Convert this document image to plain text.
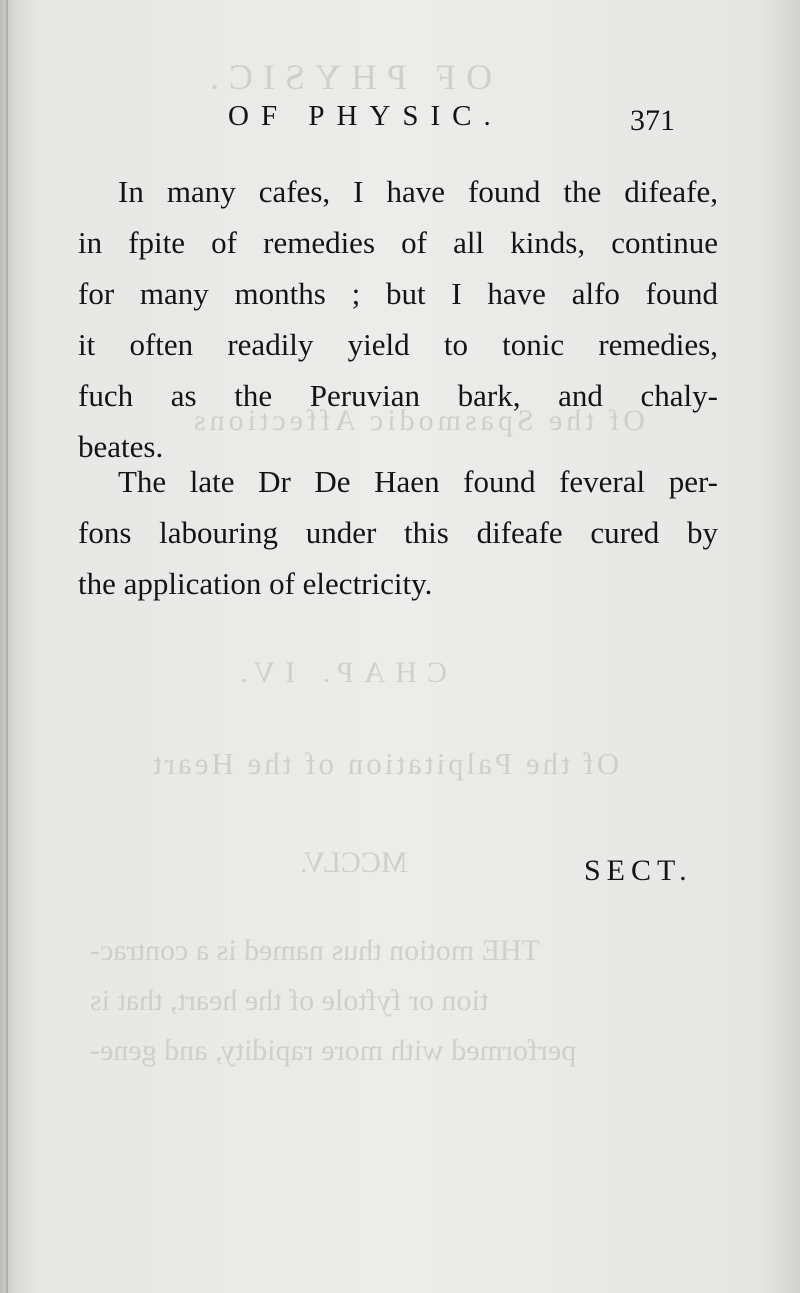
OF PHYSIC.
Of the Spasmodic Affections
CHAP. IV.
Of the Palpitation of the Heart
MCCLV.
THE motion thus named is a contrac-
tion or fyftole of the heart, that is
performed with more rapidity, and gene-
OF PHYSIC.	371
In many cafes, I have found the difeafe,
in fpite of remedies of all kinds, continue
for many months ; but I have alfo found
it often readily yield to tonic remedies,
fuch as the Peruvian bark, and chaly-
beates.
The late Dr De Haen found feveral per-
fons labouring under this difeafe cured by
the application of electricity.
SECT.
